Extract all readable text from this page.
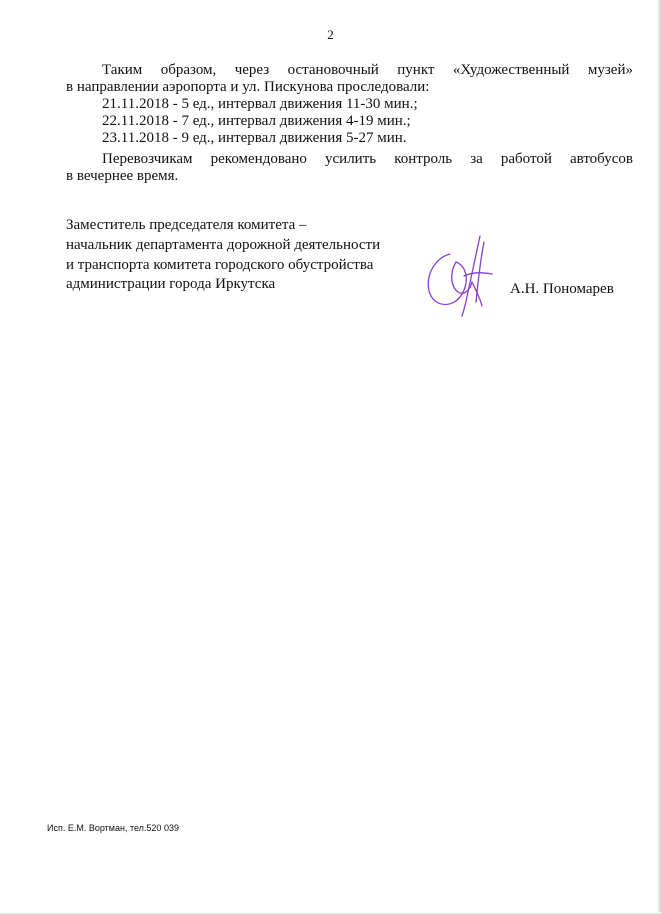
2
Таким образом, через остановочный пункт «Художественный музей»
в направлении аэропорта и ул. Пискунова проследовали:
21.11.2018 - 5 ед., интервал движения 11-30 мин.;
22.11.2018 - 7 ед., интервал движения 4-19 мин.;
23.11.2018 - 9 ед., интервал движения 5-27 мин.
Перевозчикам рекомендовано усилить контроль за работой автобусов
в вечернее время.
Заместитель председателя комитета –
начальник департамента дорожной деятельности
и транспорта комитета городского обустройства
администрации города Иркутска	А.Н. Пономарев
Исп. Е.М. Вортман, тел.520 039
